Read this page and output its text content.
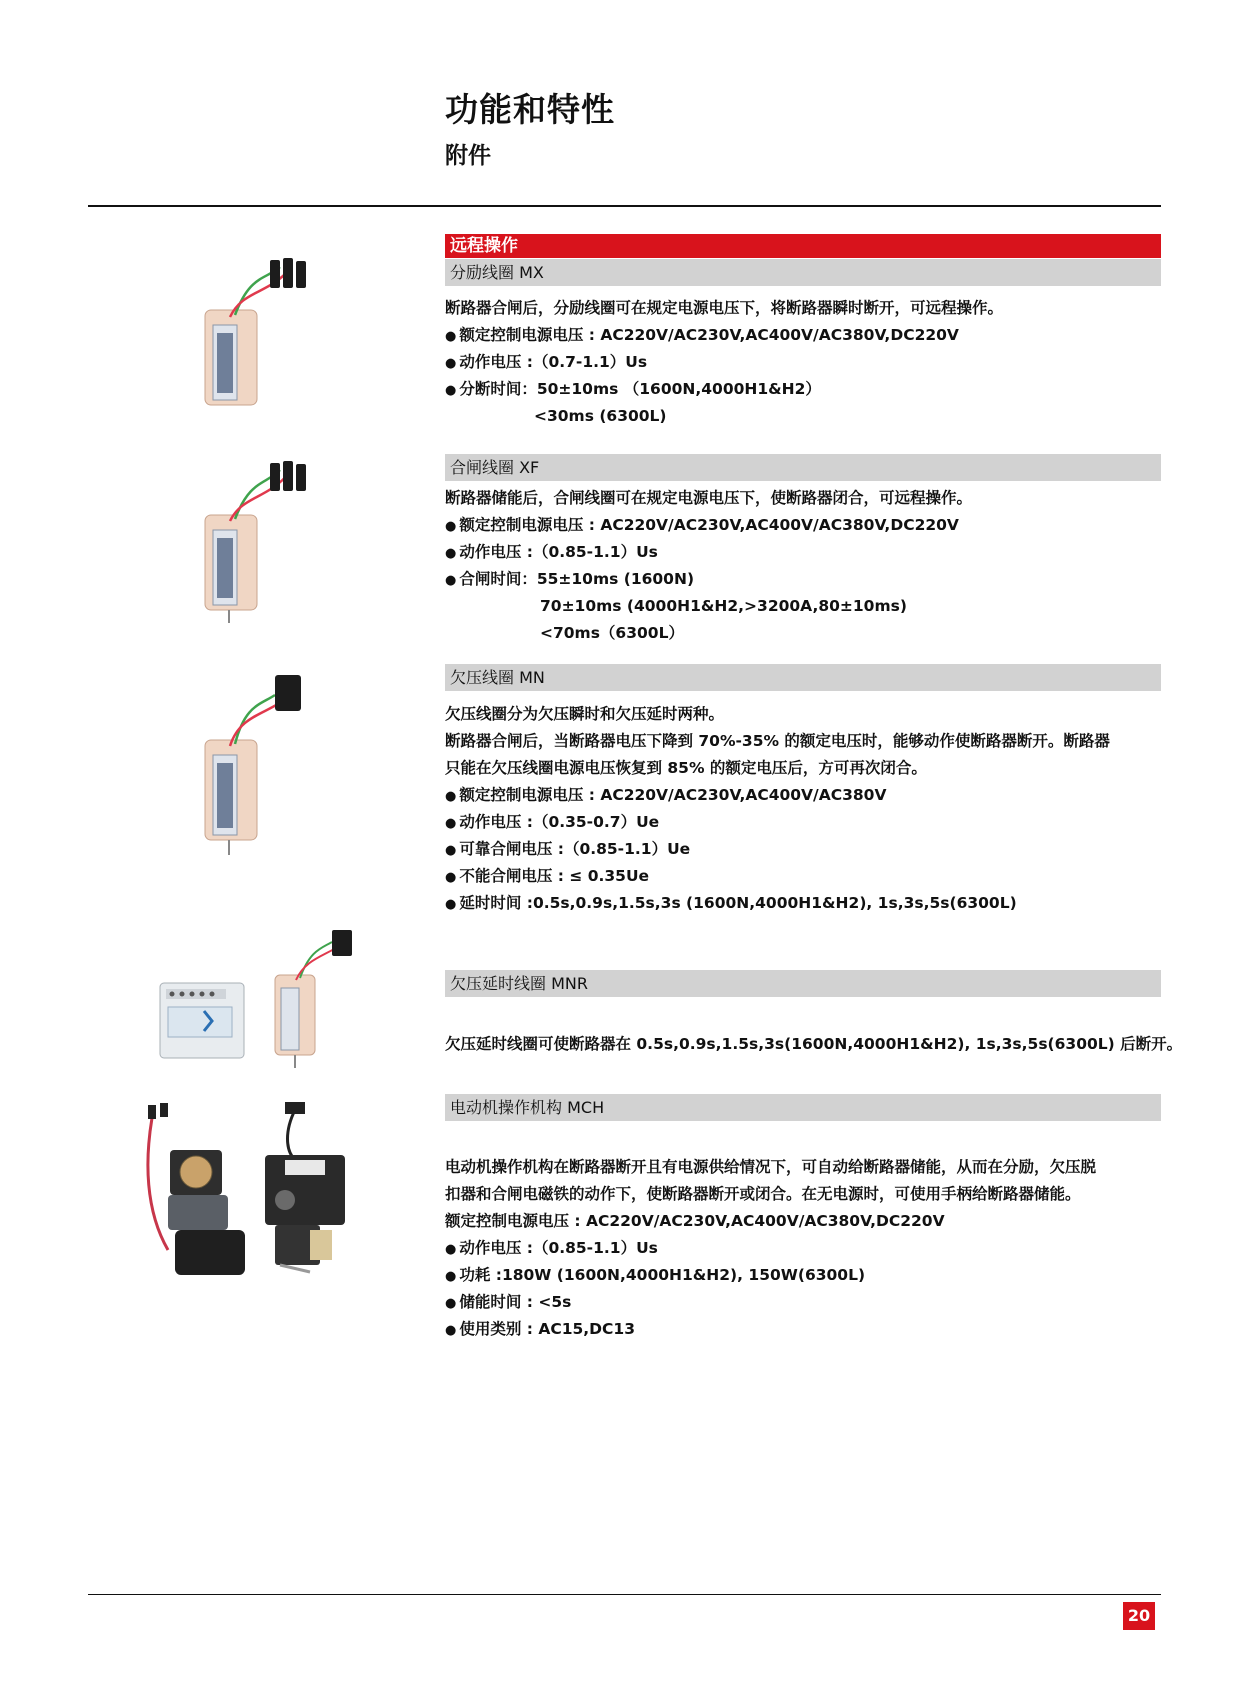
功能和特性
附件
远程操作
分励线圈 MX
断路器合闸后，分励线圈可在规定电源电压下，将断路器瞬时断开，可远程操作。
● 额定控制电源电压 : AC220V/AC230V,AC400V/AC380V,DC220V
● 动作电压 :（0.7-1.1）Us
● 分断时间：50±10ms （1600N,4000H1&H2）
<30ms (6300L)
合闸线圈 XF
断路器储能后，合闸线圈可在规定电源电压下，使断路器闭合，可远程操作。
● 额定控制电源电压 : AC220V/AC230V,AC400V/AC380V,DC220V
● 动作电压 :（0.85-1.1）Us
● 合闸时间：55±10ms (1600N)
70±10ms (4000H1&H2,>3200A,80±10ms)
<70ms（6300L）
欠压线圈 MN
欠压线圈分为欠压瞬时和欠压延时两种。
断路器合闸后，当断路器电压下降到 70%-35% 的额定电压时，能够动作使断路器断开。断路器
只能在欠压线圈电源电压恢复到 85% 的额定电压后，方可再次闭合。
● 额定控制电源电压 : AC220V/AC230V,AC400V/AC380V
● 动作电压 :（0.35-0.7）Ue
● 可靠合闸电压 :（0.85-1.1）Ue
● 不能合闸电压 : ≤ 0.35Ue
● 延时时间 :0.5s,0.9s,1.5s,3s (1600N,4000H1&H2), 1s,3s,5s(6300L)
欠压延时线圈 MNR
欠压延时线圈可使断路器在 0.5s,0.9s,1.5s,3s(1600N,4000H1&H2), 1s,3s,5s(6300L) 后断开。
电动机操作机构 MCH
电动机操作机构在断路器断开且有电源供给情况下，可自动给断路器储能，从而在分励，欠压脱
扣器和合闸电磁铁的动作下，使断路器断开或闭合。在无电源时，可使用手柄给断路器储能。
额定控制电源电压 : AC220V/AC230V,AC400V/AC380V,DC220V
● 动作电压 :（0.85-1.1）Us
● 功耗 :180W (1600N,4000H1&H2), 150W(6300L)
● 储能时间 : <5s
● 使用类别 : AC15,DC13
20
